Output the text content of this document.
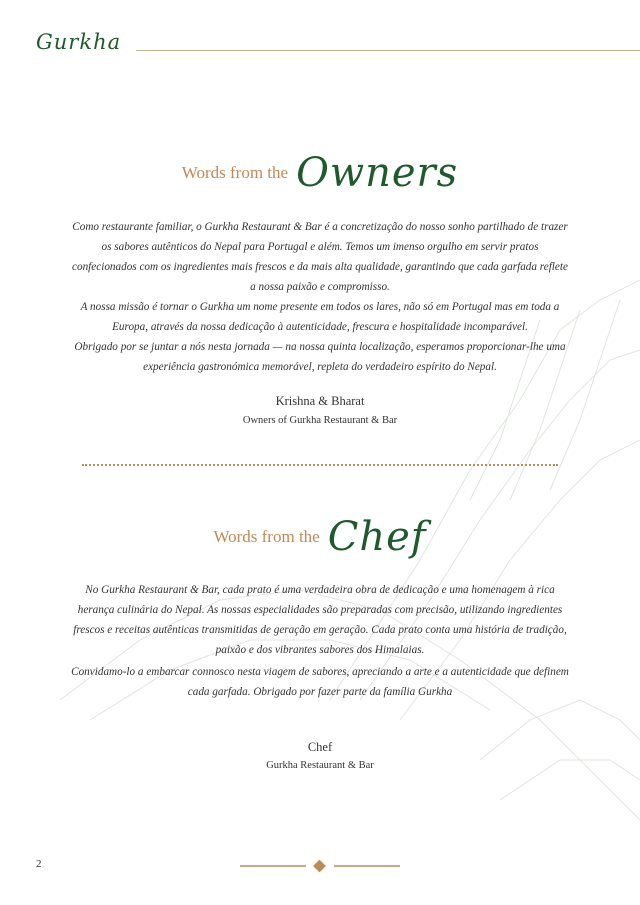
Gurkha
Words from the Owners
Como restaurante familiar, o Gurkha Restaurant & Bar é a concretização do nosso sonho partilhado de trazer os sabores autênticos do Nepal para Portugal e além. Temos um imenso orgulho em servir pratos confecionados com os ingredientes mais frescos e da mais alta qualidade, garantindo que cada garfada reflete a nossa paixão e compromisso.
A nossa missão é tornar o Gurkha um nome presente em todos os lares, não só em Portugal mas em toda a Europa, através da nossa dedicação à autenticidade, frescura e hospitalidade incomparável.
Obrigado por se juntar a nós nesta jornada — na nossa quinta localização, esperamos proporcionar-lhe uma experiência gastronómica memorável, repleta do verdadeiro espírito do Nepal.
Krishna & Bharat
Owners of Gurkha Restaurant & Bar
Words from the Chef
No Gurkha Restaurant & Bar, cada prato é uma verdadeira obra de dedicação e uma homenagem à rica herança culinária do Nepal. As nossas especialidades são preparadas com precisão, utilizando ingredientes frescos e receitas autênticas transmitidas de geração em geração. Cada prato conta uma história de tradição, paixão e dos vibrantes sabores dos Himalaias.
Convidamo-lo a embarcar connosco nesta viagem de sabores, apreciando a arte e a autenticidade que definem cada garfada. Obrigado por fazer parte da família Gurkha
Chef
Gurkha Restaurant & Bar
2
